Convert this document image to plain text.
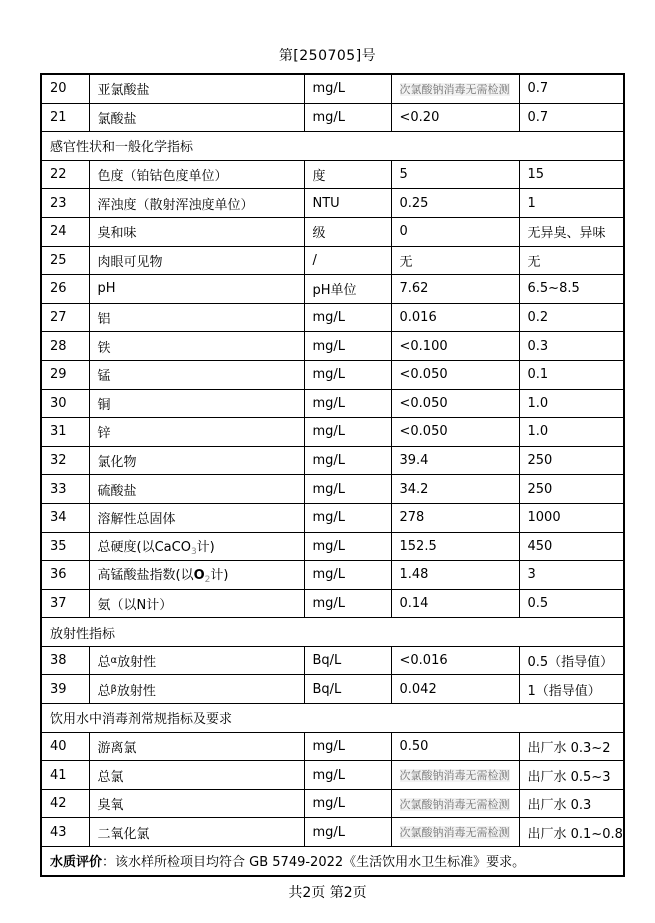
第[250705]号
20	亚氯酸盐	mg/L	次氯酸钠消毒无需检测	0.7
21	氯酸盐	mg/L	<0.20	0.7
感官性状和一般化学指标				
22	色度（铂钴色度单位）	度	5	15
23	浑浊度（散射浑浊度单位）	NTU	0.25	1
24	臭和味	级	0	无异臭、异味
25	肉眼可见物	/	无	无
26	pH	pH单位	7.62	6.5~8.5
27	铝	mg/L	0.016	0.2
28	铁	mg/L	<0.100	0.3
29	锰	mg/L	<0.050	0.1
30	铜	mg/L	<0.050	1.0
31	锌	mg/L	<0.050	1.0
32	氯化物	mg/L	39.4	250
33	硫酸盐	mg/L	34.2	250
34	溶解性总固体	mg/L	278	1000
35	总硬度(以CaCO$_3$计)	mg/L	152.5	450
36	高锰酸盐指数(以$O_2$计)	mg/L	1.48	3
37	氨（以N计）	mg/L	0.14	0.5
放射性指标				
38	总$^\alpha$放射性	Bq/L	<0.016	0.5（指导值）
39	总$^\beta$放射性	Bq/L	0.042	1（指导值）
饮用水中消毒剂常规指标及要求				
40	游离氯	mg/L	0.50	出厂水 0.3~2
41	总氯	mg/L	次氯酸钠消毒无需检测	出厂水 0.5~3
42	臭氧	mg/L	次氯酸钠消毒无需检测	出厂水 0.3
43	二氧化氯	mg/L	次氯酸钠消毒无需检测	出厂水 0.1~0.8
水质评价：该水样所检项目均符合 GB 5749-2022《生活饮用水卫生标准》要求。				
共2页 第2页
